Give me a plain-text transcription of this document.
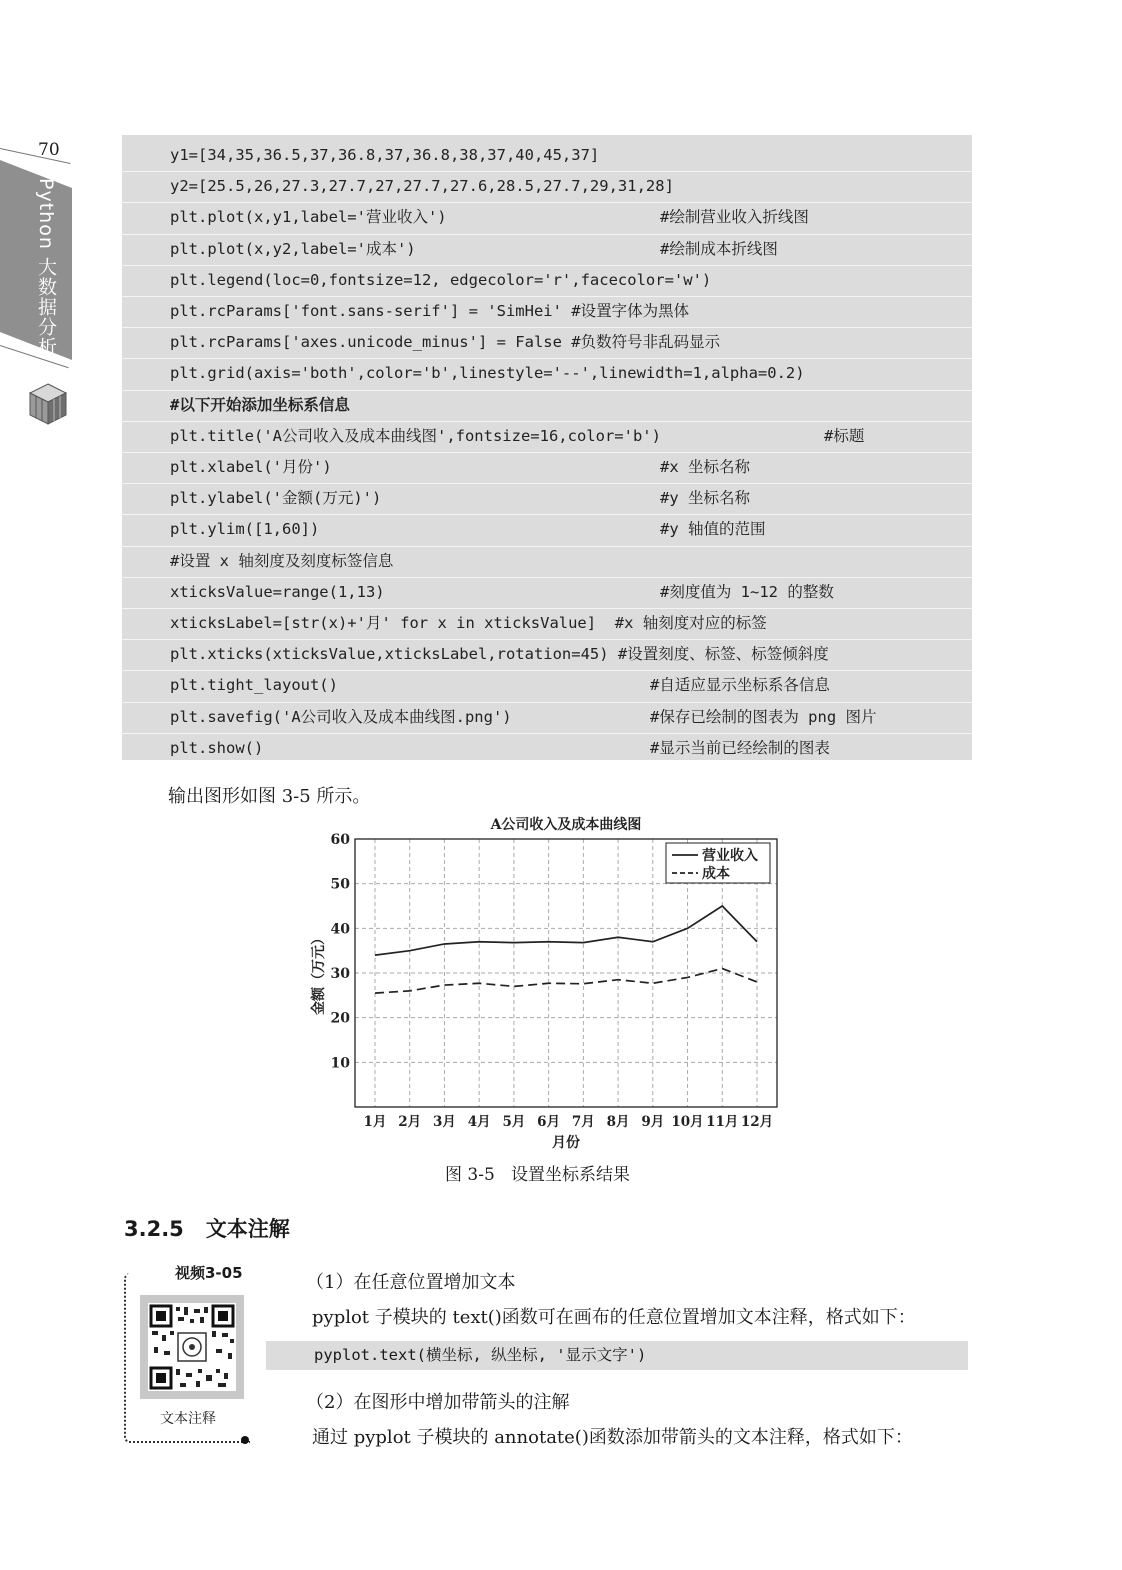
70
Python 大数据分析
y1=[34,35,36.5,37,36.8,37,36.8,38,37,40,45,37]
y2=[25.5,26,27.3,27.7,27,27.7,27.6,28.5,27.7,29,31,28]
plt.plot(x,y1,label='营业收入')	#绘制营业收入折线图
plt.plot(x,y2,label='成本')	#绘制成本折线图
plt.legend(loc=0,fontsize=12, edgecolor='r',facecolor='w')
plt.rcParams['font.sans-serif'] = 'SimHei' #设置字体为黑体
plt.rcParams['axes.unicode_minus'] = False #负数符号非乱码显示
plt.grid(axis='both',color='b',linestyle='--',linewidth=1,alpha=0.2)
#以下开始添加坐标系信息
plt.title('A公司收入及成本曲线图',fontsize=16,color='b')	#标题
plt.xlabel('月份')	#x 坐标名称
plt.ylabel('金额(万元)')	#y 坐标名称
plt.ylim([1,60])	#y 轴值的范围
#设置 x 轴刻度及刻度标签信息
xticksValue=range(1,13)	#刻度值为 1~12 的整数
xticksLabel=[str(x)+'月' for x in xticksValue]  #x 轴刻度对应的标签
plt.xticks(xticksValue,xticksLabel,rotation=45) #设置刻度、标签、标签倾斜度
plt.tight_layout()	#自适应显示坐标系各信息
plt.savefig('A公司收入及成本曲线图.png')	#保存已绘制的图表为 png 图片
plt.show()	#显示当前已经绘制的图表
输出图形如图 3-5 所示。
A公司收入及成本曲线图
10
20
30
40
50
60
1月 2月 3月 4月 5月 6月 7月 8月 9月 10月 11月 12月
月份
金额（万元）
营业收入
成本
图 3-5   设置坐标系结果
3.2.5   文本注解
视频3-05
文本注释
（1）在任意位置增加文本
pyplot 子模块的 text()函数可在画布的任意位置增加文本注释，格式如下：
pyplot.text(横坐标, 纵坐标, '显示文字')
（2）在图形中增加带箭头的注解
通过 pyplot 子模块的 annotate()函数添加带箭头的文本注释，格式如下：
